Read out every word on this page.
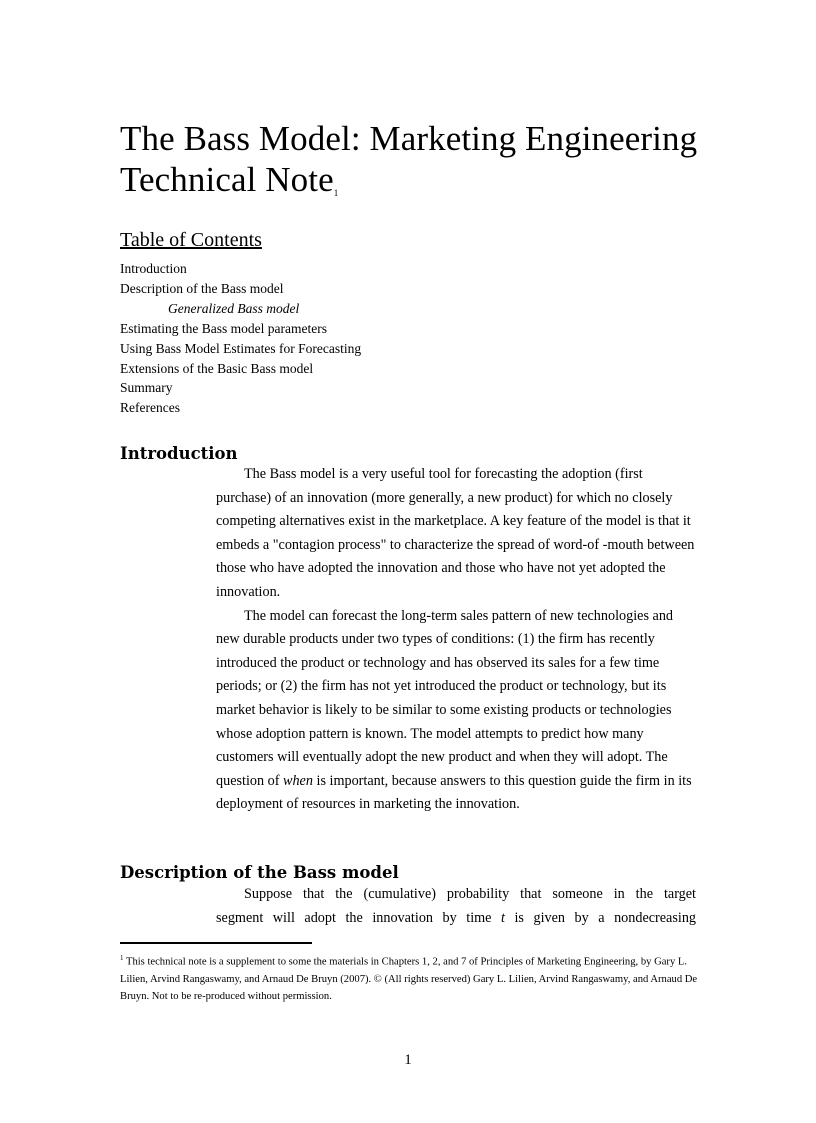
The Bass Model: Marketing Engineering Technical Note$^1$
Table of Contents
Introduction
Description of the Bass model
Generalized Bass model
Estimating the Bass model parameters
Using Bass Model Estimates for Forecasting
Extensions of the Basic Bass model
Summary
References
Introduction

The Bass model is a very useful tool for forecasting the adoption (first purchase) of an innovation (more generally, a new product) for which no closely competing alternatives exist in the marketplace. A key feature of the model is that it embeds a "contagion process" to characterize the spread of word-of -mouth between those who have adopted the innovation and those who have not yet adopted the innovation.

The model can forecast the long-term sales pattern of new technologies and new durable products under two types of conditions: (1) the firm has recently introduced the product or technology and has observed its sales for a few time periods; or (2) the firm has not yet introduced the product or technology, but its market behavior is likely to be similar to some existing products or technologies whose adoption pattern is known. The model attempts to predict how many customers will eventually adopt the new product and when they will adopt. The question of when is important, because answers to this question guide the firm in its deployment of resources in marketing the innovation.

Description of the Bass model

Suppose that the (cumulative) probability that someone in the target

segment will adopt the innovation by time t is given by a nondecreasing

$^1$ This technical note is a supplement to some the materials in Chapters 1, 2, and 7 of Principles of Marketing Engineering, by Gary L. Lilien, Arvind Rangaswamy, and Arnaud De Bruyn (2007). © (All rights reserved) Gary L. Lilien, Arvind Rangaswamy, and Arnaud De Bruyn. Not to be re-produced without permission.

1
